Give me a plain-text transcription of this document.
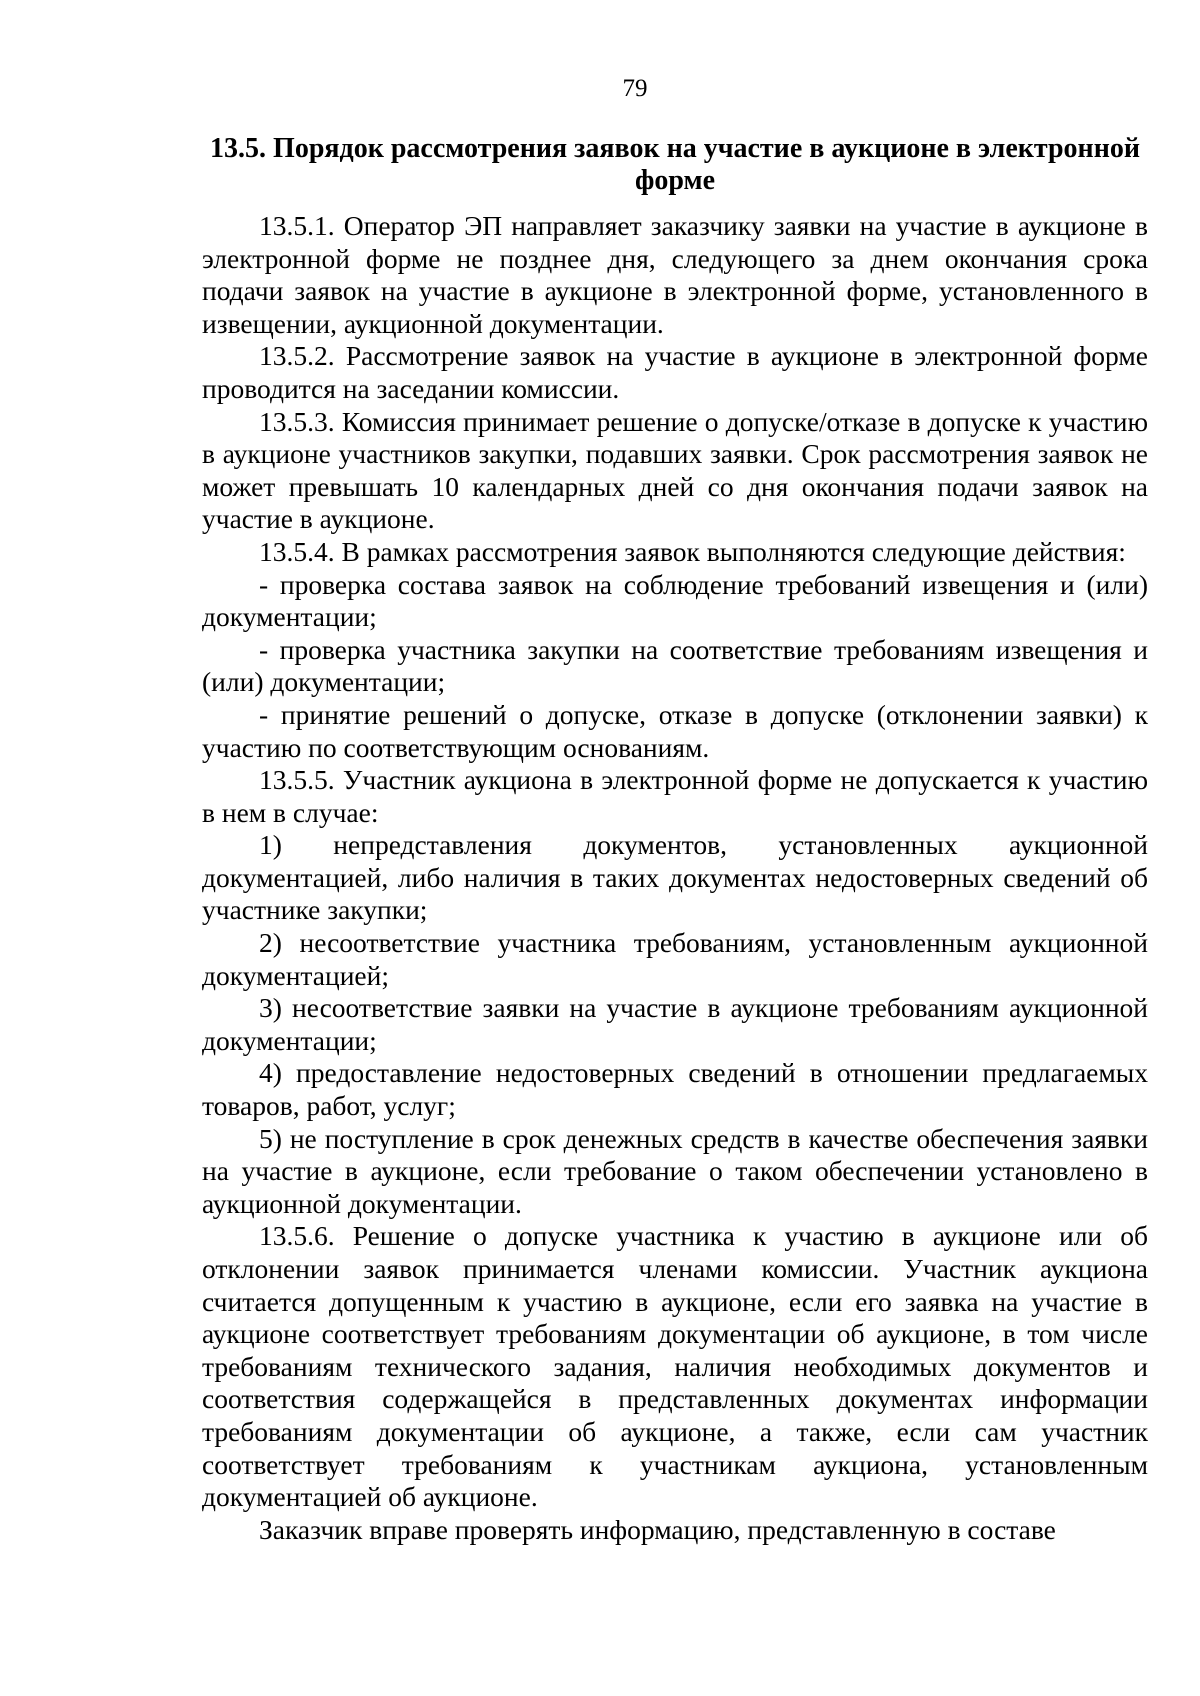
79
13.5. Порядок рассмотрения заявок на участие в аукционе в электронной форме

13.5.1. Оператор ЭП направляет заказчику заявки на участие в аукционе в электронной форме не позднее дня, следующего за днем окончания срока подачи заявок на участие в аукционе в электронной форме, установленного в извещении, аукционной документации.

13.5.2. Рассмотрение заявок на участие в аукционе в электронной форме проводится на заседании комиссии.

13.5.3. Комиссия принимает решение о допуске/отказе в допуске к участию в аукционе участников закупки, подавших заявки. Срок рассмотрения заявок не может превышать 10 календарных дней со дня окончания подачи заявок на участие в аукционе.

13.5.4. В рамках рассмотрения заявок выполняются следующие действия:

- проверка состава заявок на соблюдение требований извещения и (или) документации;

- проверка участника закупки на соответствие требованиям извещения и (или) документации;

- принятие решений о допуске, отказе в допуске (отклонении заявки) к участию по соответствующим основаниям.

13.5.5. Участник аукциона в электронной форме не допускается к участию в нем в случае:

1) непредставления документов, установленных аукционной документацией, либо наличия в таких документах недостоверных сведений об участнике закупки;

2) несоответствие участника требованиям, установленным аукционной документацией;

3) несоответствие заявки на участие в аукционе требованиям аукционной документации;

4) предоставление недостоверных сведений в отношении предлагаемых товаров, работ, услуг;

5) не поступление в срок денежных средств в качестве обеспечения заявки на участие в аукционе, если требование о таком обеспечении установлено в аукционной документации.

13.5.6. Решение о допуске участника к участию в аукционе или об отклонении заявок принимается членами комиссии. Участник аукциона считается допущенным к участию в аукционе, если его заявка на участие в аукционе соответствует требованиям документации об аукционе, в том числе требованиям технического задания, наличия необходимых документов и соответствия содержащейся в представленных документах информации требованиям документации об аукционе, а также, если сам участник соответствует требованиям к участникам аукциона, установленным документацией об аукционе.

Заказчик вправе проверять информацию, представленную в составе
